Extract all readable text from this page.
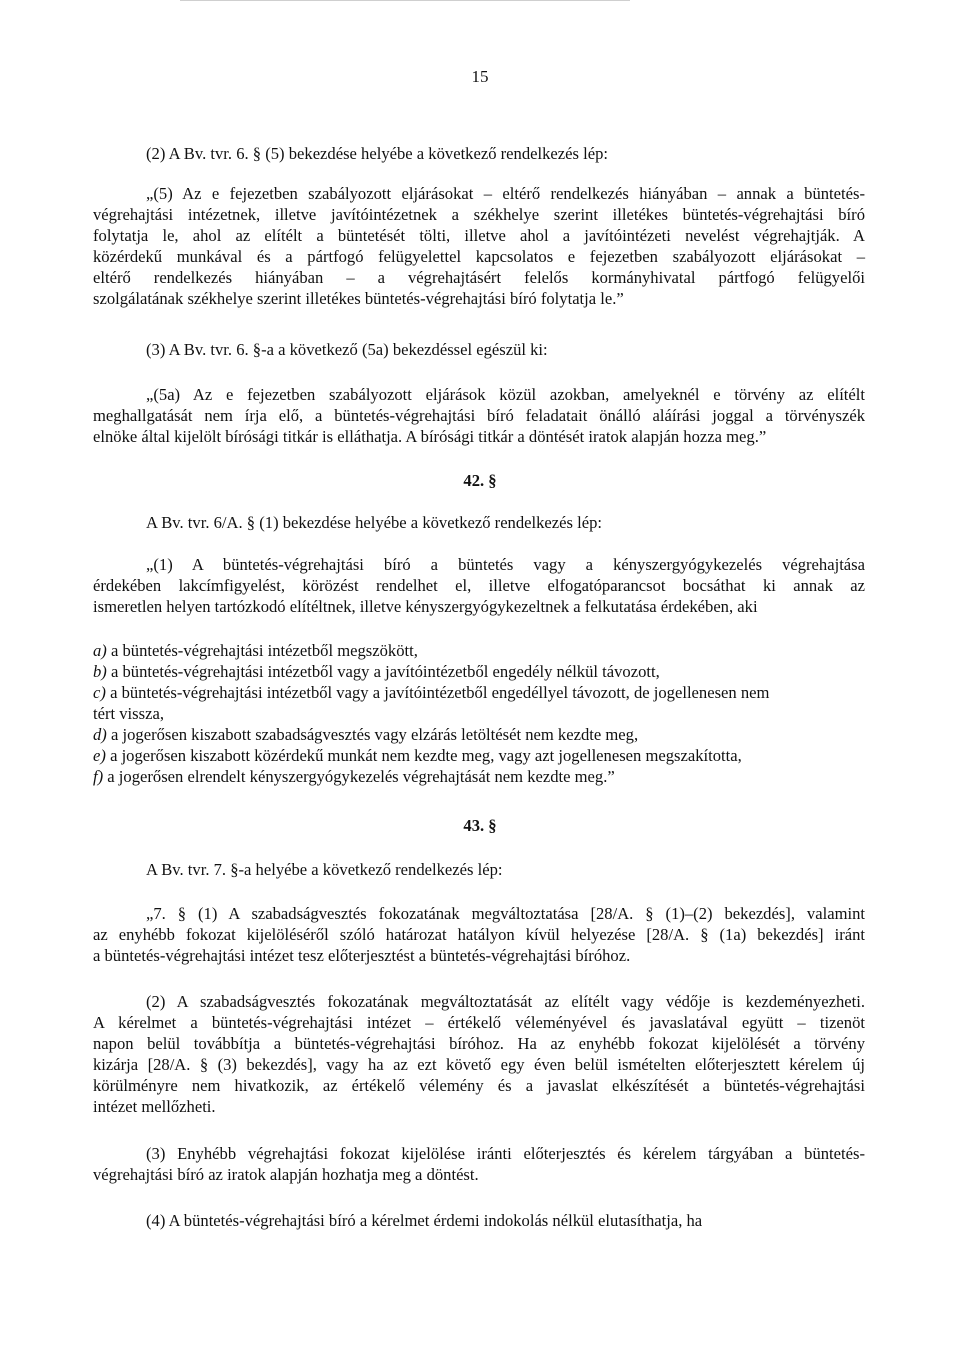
15

(2) A Bv. tvr. 6. § (5) bekezdése helyébe a következő rendelkezés lép:

„(5) Az e fejezetben szabályozott eljárásokat – eltérő rendelkezés hiányában – annak a büntetés-
végrehajtási intézetnek, illetve javítóintézetnek a székhelye szerint illetékes büntetés-végrehajtási bíró
folytatja le, ahol az elítélt a büntetését tölti, illetve ahol a javítóintézeti nevelést végrehajtják. A
közérdekű munkával és a pártfogó felügyelettel kapcsolatos e fejezetben szabályozott eljárásokat –
eltérő rendelkezés hiányában – a végrehajtásért felelős kormányhivatal pártfogó felügyelői
szolgálatának székhelye szerint illetékes büntetés-végrehajtási bíró folytatja le.”

(3) A Bv. tvr. 6. §-a a következő (5a) bekezdéssel egészül ki:

„(5a) Az e fejezetben szabályozott eljárások közül azokban, amelyeknél e törvény az elítélt
meghallgatását nem írja elő, a büntetés-végrehajtási bíró feladatait önálló aláírási joggal a törvényszék
elnöke által kijelölt bírósági titkár is elláthatja. A bírósági titkár a döntését iratok alapján hozza meg.”
42. §

A Bv. tvr. 6/A. § (1) bekezdése helyébe a következő rendelkezés lép:

„(1) A büntetés-végrehajtási bíró a büntetés vagy a kényszergyógykezelés végrehajtása
érdekében lakcímfigyelést, körözést rendelhet el, illetve elfogatóparancsot bocsáthat ki annak az
ismeretlen helyen tartózkodó elítéltnek, illetve kényszergyógykezeltnek a felkutatása érdekében, aki
a) a büntetés-végrehajtási intézetből megszökött,
b) a büntetés-végrehajtási intézetből vagy a javítóintézetből engedély nélkül távozott,
c) a büntetés-végrehajtási intézetből vagy a javítóintézetből engedéllyel távozott, de jogellenesen nem
tért vissza,
d) a jogerősen kiszabott szabadságvesztés vagy elzárás letöltését nem kezdte meg,
e) a jogerősen kiszabott közérdekű munkát nem kezdte meg, vagy azt jogellenesen megszakította,
f) a jogerősen elrendelt kényszergyógykezelés végrehajtását nem kezdte meg.”
43. §

A Bv. tvr. 7. §-a helyébe a következő rendelkezés lép:

„7. § (1) A szabadságvesztés fokozatának megváltoztatása [28/A. § (1)–(2) bekezdés], valamint
az enyhébb fokozat kijelöléséről szóló határozat hatályon kívül helyezése [28/A. § (1a) bekezdés] iránt
a büntetés-végrehajtási intézet tesz előterjesztést a büntetés-végrehajtási bíróhoz.
(2) A szabadságvesztés fokozatának megváltoztatását az elítélt vagy védője is kezdeményezheti.
A kérelmet a büntetés-végrehajtási intézet – értékelő véleményével és javaslatával együtt – tizenöt
napon belül továbbítja a büntetés-végrehajtási bíróhoz. Ha az enyhébb fokozat kijelölését a törvény
kizárja [28/A. § (3) bekezdés], vagy ha az ezt követő egy éven belül ismételten előterjesztett kérelem új
körülményre nem hivatkozik, az értékelő vélemény és a javaslat elkészítését a büntetés-végrehajtási
intézet mellőzheti.
(3) Enyhébb végrehajtási fokozat kijelölése iránti előterjesztés és kérelem tárgyában a büntetés-
végrehajtási bíró az iratok alapján hozhatja meg a döntést.

(4) A büntetés-végrehajtási bíró a kérelmet érdemi indokolás nélkül elutasíthatja, ha
